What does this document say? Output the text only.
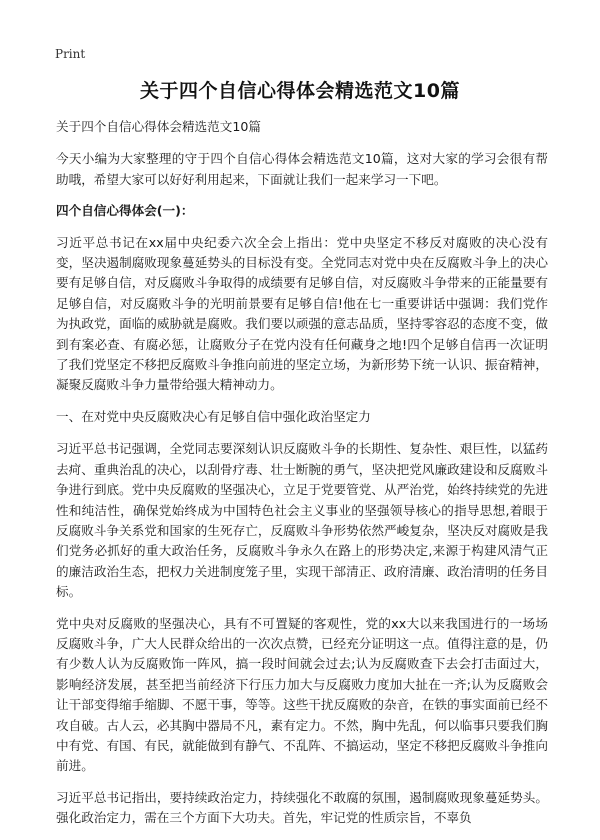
Print
关于四个自信心得体会精选范文10篇

关于四个自信心得体会精选范文10篇

今天小编为大家整理的守于四个自信心得体会精选范文10篇，这对大家的学习会很有帮助哦，希望大家可以好好利用起来，下面就让我们一起来学习一下吧。

四个自信心得体会(一)：

习近平总书记在xx届中央纪委六次全会上指出：党中央坚定不移反对腐败的决心没有变，坚决遏制腐败现象蔓延势头的目标没有变。全党同志对党中央在反腐败斗争上的决心要有足够自信，对反腐败斗争取得的成绩要有足够自信，对反腐败斗争带来的正能量要有足够自信，对反腐败斗争的光明前景要有足够自信!他在七一重要讲话中强调：我们党作为执政党，面临的威胁就是腐败。我们要以顽强的意志品质，坚持零容忍的态度不变，做到有案必查、有腐必惩，让腐败分子在党内没有任何藏身之地!四个足够自信再一次证明了我们党坚定不移把反腐败斗争推向前进的坚定立场，为新形势下统一认识、振奋精神，凝聚反腐败斗争力量带给强大精神动力。

一、在对党中央反腐败决心有足够自信中强化政治坚定力

习近平总书记强调，全党同志要深刻认识反腐败斗争的长期性、复杂性、艰巨性，以猛药去疴、重典治乱的决心，以刮骨疗毒、壮士断腕的勇气，坚决把党风廉政建设和反腐败斗争进行到底。党中央反腐败的坚强决心，立足于党要管党、从严治党，始终持续党的先进性和纯洁性，确保党始终成为中国特色社会主义事业的坚强领导核心的指导思想,着眼于反腐败斗争关系党和国家的生死存亡，反腐败斗争形势依然严峻复杂，坚决反对腐败是我们党务必抓好的重大政治任务，反腐败斗争永久在路上的形势决定,来源于构建风清气正的廉洁政治生态，把权力关进制度笼子里，实现干部清正、政府清廉、政治清明的任务目标。

党中央对反腐败的坚强决心，具有不可置疑的客观性，党的xx大以来我国进行的一场场反腐败斗争，广大人民群众给出的一次次点赞，已经充分证明这一点。值得注意的是，仍有少数人认为反腐败饰一阵风，搞一段时间就会过去;认为反腐败查下去会打击面过大，影响经济发展，甚至把当前经济下行压力加大与反腐败力度加大扯在一齐;认为反腐败会让干部变得缩手缩脚、不愿干事，等等。这些干扰反腐败的杂音，在铁的事实面前已经不攻自破。古人云，必其胸中器局不凡，素有定力。不然，胸中先乱，何以临事只要我们胸中有党、有国、有民，就能做到有静气、不乱阵、不搞运动，坚定不移把反腐败斗争推向前进。

习近平总书记指出，要持续政治定力，持续强化不敢腐的氛围，遏制腐败现象蔓延势头。强化政治定力，需在三个方面下大功夫。首先，牢记党的性质宗旨，不辜负
